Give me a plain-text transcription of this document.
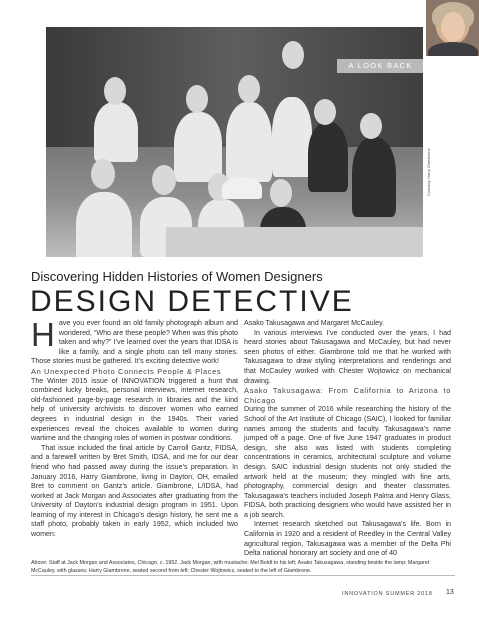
A LOOK BACK
Courtesy Harry Giambrone
Discovering Hidden Histories of Women Designers
DESIGN DETECTIVE

Have you ever found an old family photograph album and wondered, “Who are these people? When was this photo taken and why?” I’ve learned over the years that IDSA is like a family, and a single photo can tell many stories. Those stories must be gathered. It’s exciting detective work!

An Unexpected Photo Connects People & Places

The Winter 2015 issue of INNOVATION triggered a hunt that combined lucky breaks, personal interviews, internet research, old-fashioned page-by-page research in libraries and the kind help of university archivists to discover women who earned degrees in industrial design in the 1940s. Their varied experiences reveal the choices available to women during wartime and the changing roles of women in postwar conditions.

That issue included the final article by Carroll Gantz, FIDSA, and a farewell written by Bret Smith, IDSA, and me for our dear friend who had passed away during the issue’s preparation. In January 2016, Harry Giambrone, living in Dayton, OH, emailed Bret to comment on Gantz’s article. Giambrone, L/IDSA, had worked at Jack Morgan and Associates after graduating from the University of Dayton’s industrial design program in 1951. Upon learning of my interest in Chicago’s design history, he sent me a staff photo, probably taken in early 1952, which included two women:

Asako Takusagawa and Margaret McCauley.

In various interviews I’ve conducted over the years, I had heard stories about Takusagawa and McCauley, but had never seen photos of either. Giambrone told me that he worked with Takusagawa to draw styling interpretations and renderings and that McCauley worked with Chester Wojtowicz on mechanical drawing.

Asako Takusagawa: From California to Arizona to Chicago

During the summer of 2016 while researching the history of the School of the Art Institute of Chicago (SAIC), I looked for familiar names among the students and faculty. Takusagawa’s name jumped off a page. One of five June 1947 graduates in product design, she also was listed with students completing concentrations in ceramics, architectural sculpture and volume design. SAIC industrial design students not only studied the artwork held at the museum; they mingled with fine arts, photography, commercial design and theater classmates. Takusagawa’s teachers included Joseph Palma and Henry Glass, FIDSA, both practicing designers who would have assisted her in a job search.

Internet research sketched out Takusagawa’s life. Born in California in 1920 and a resident of Reedley in the Central Valley agricultural region, Takusagawa was a member of the Delta Phi Delta national honorary art society and one of 40

Above: Staff at Jack Morgan and Associates, Chicago, c. 1952. Jack Morgan, with mustache; Mel Boldt to his left; Asako Takusagawa, standing beside the lamp; Margaret McCauley, with glasses; Harry Giambrone, seated second from left; Chester Wojtowicz, seated to the left of Giambrone.
INNOVATION SUMMER 2018 13
